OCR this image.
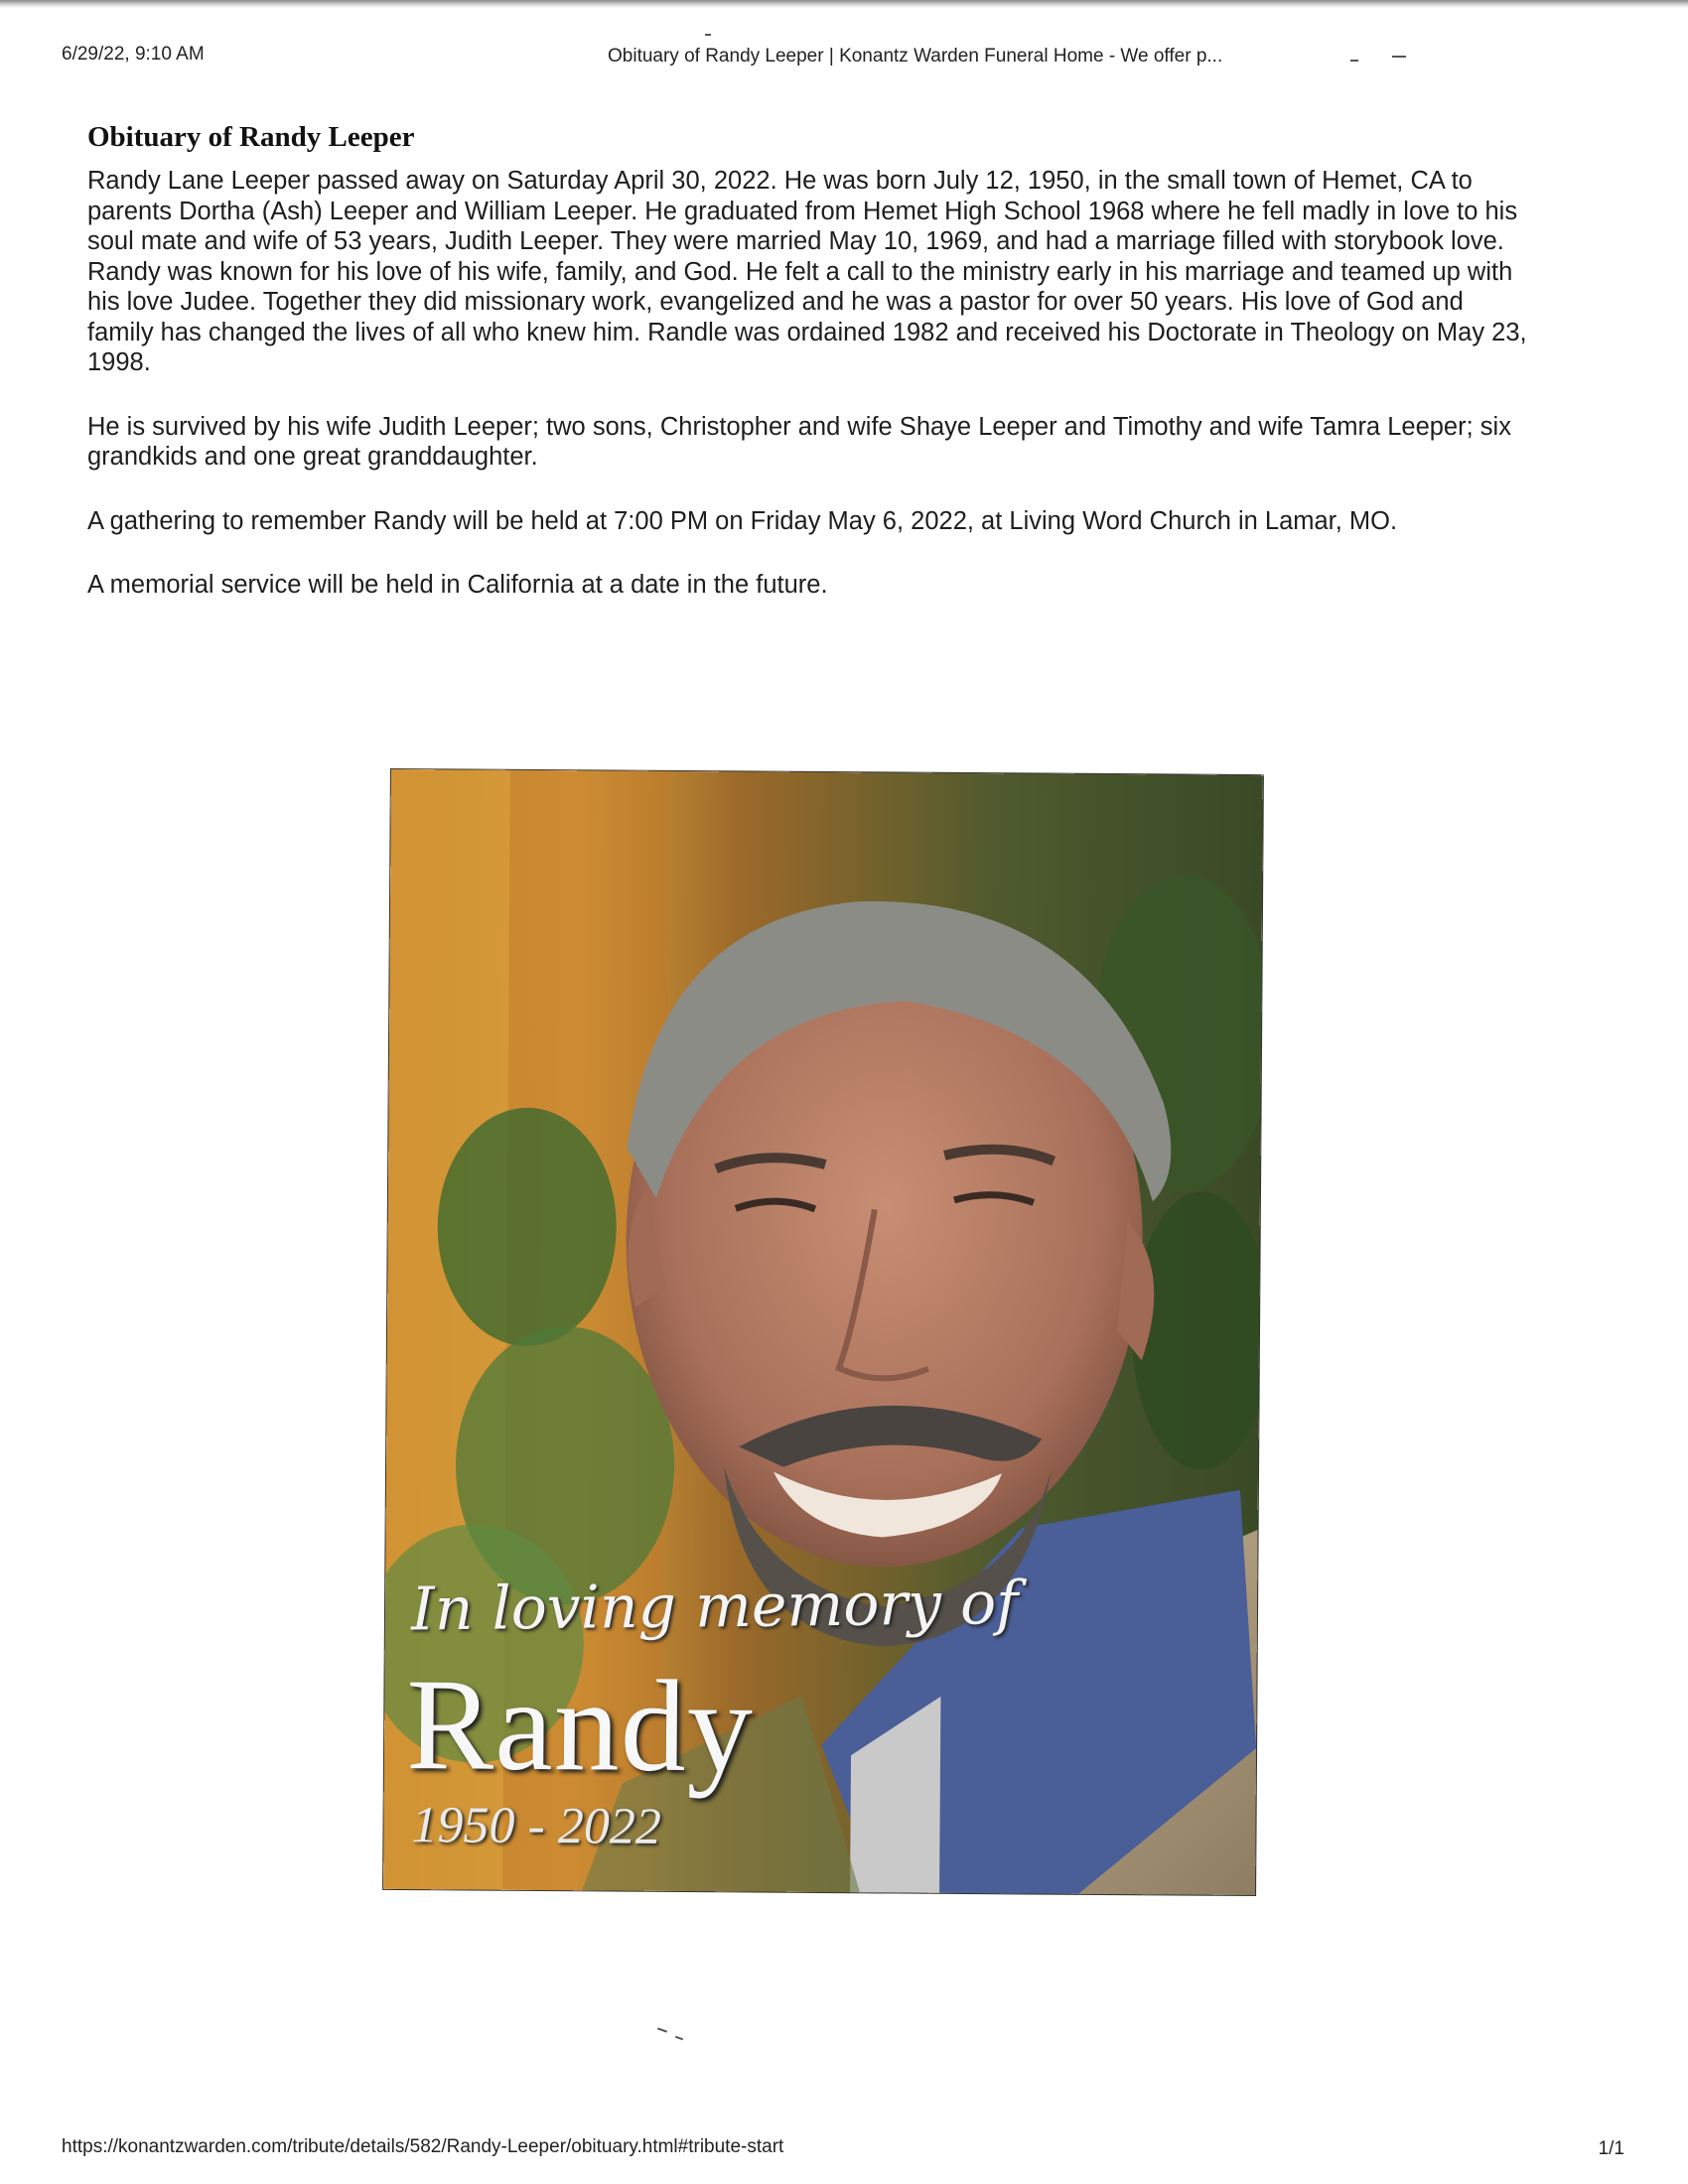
6/29/22, 9:10 AM	Obituary of Randy Leeper | Konantz Warden Funeral Home - We offer p...
Obituary of Randy Leeper

Randy Lane Leeper passed away on Saturday April 30, 2022. He was born July 12, 1950, in the small town of Hemet, CA to parents Dortha (Ash) Leeper and William Leeper. He graduated from Hemet High School 1968 where he fell madly in love to his soul mate and wife of 53 years, Judith Leeper. They were married May 10, 1969, and had a marriage filled with storybook love. Randy was known for his love of his wife, family, and God. He felt a call to the ministry early in his marriage and teamed up with his love Judee. Together they did missionary work, evangelized and he was a pastor for over 50 years. His love of God and family has changed the lives of all who knew him. Randle was ordained 1982 and received his Doctorate in Theology on May 23, 1998.

He is survived by his wife Judith Leeper; two sons, Christopher and wife Shaye Leeper and Timothy and wife Tamra Leeper; six grandkids and one great granddaughter.

A gathering to remember Randy will be held at 7:00 PM on Friday May 6, 2022, at Living Word Church in Lamar, MO.

A memorial service will be held in California at a date in the future.

In loving memory of
Randy
1950 - 2022
https://konantzwarden.com/tribute/details/582/Randy-Leeper/obituary.html#tribute-start	1/1
